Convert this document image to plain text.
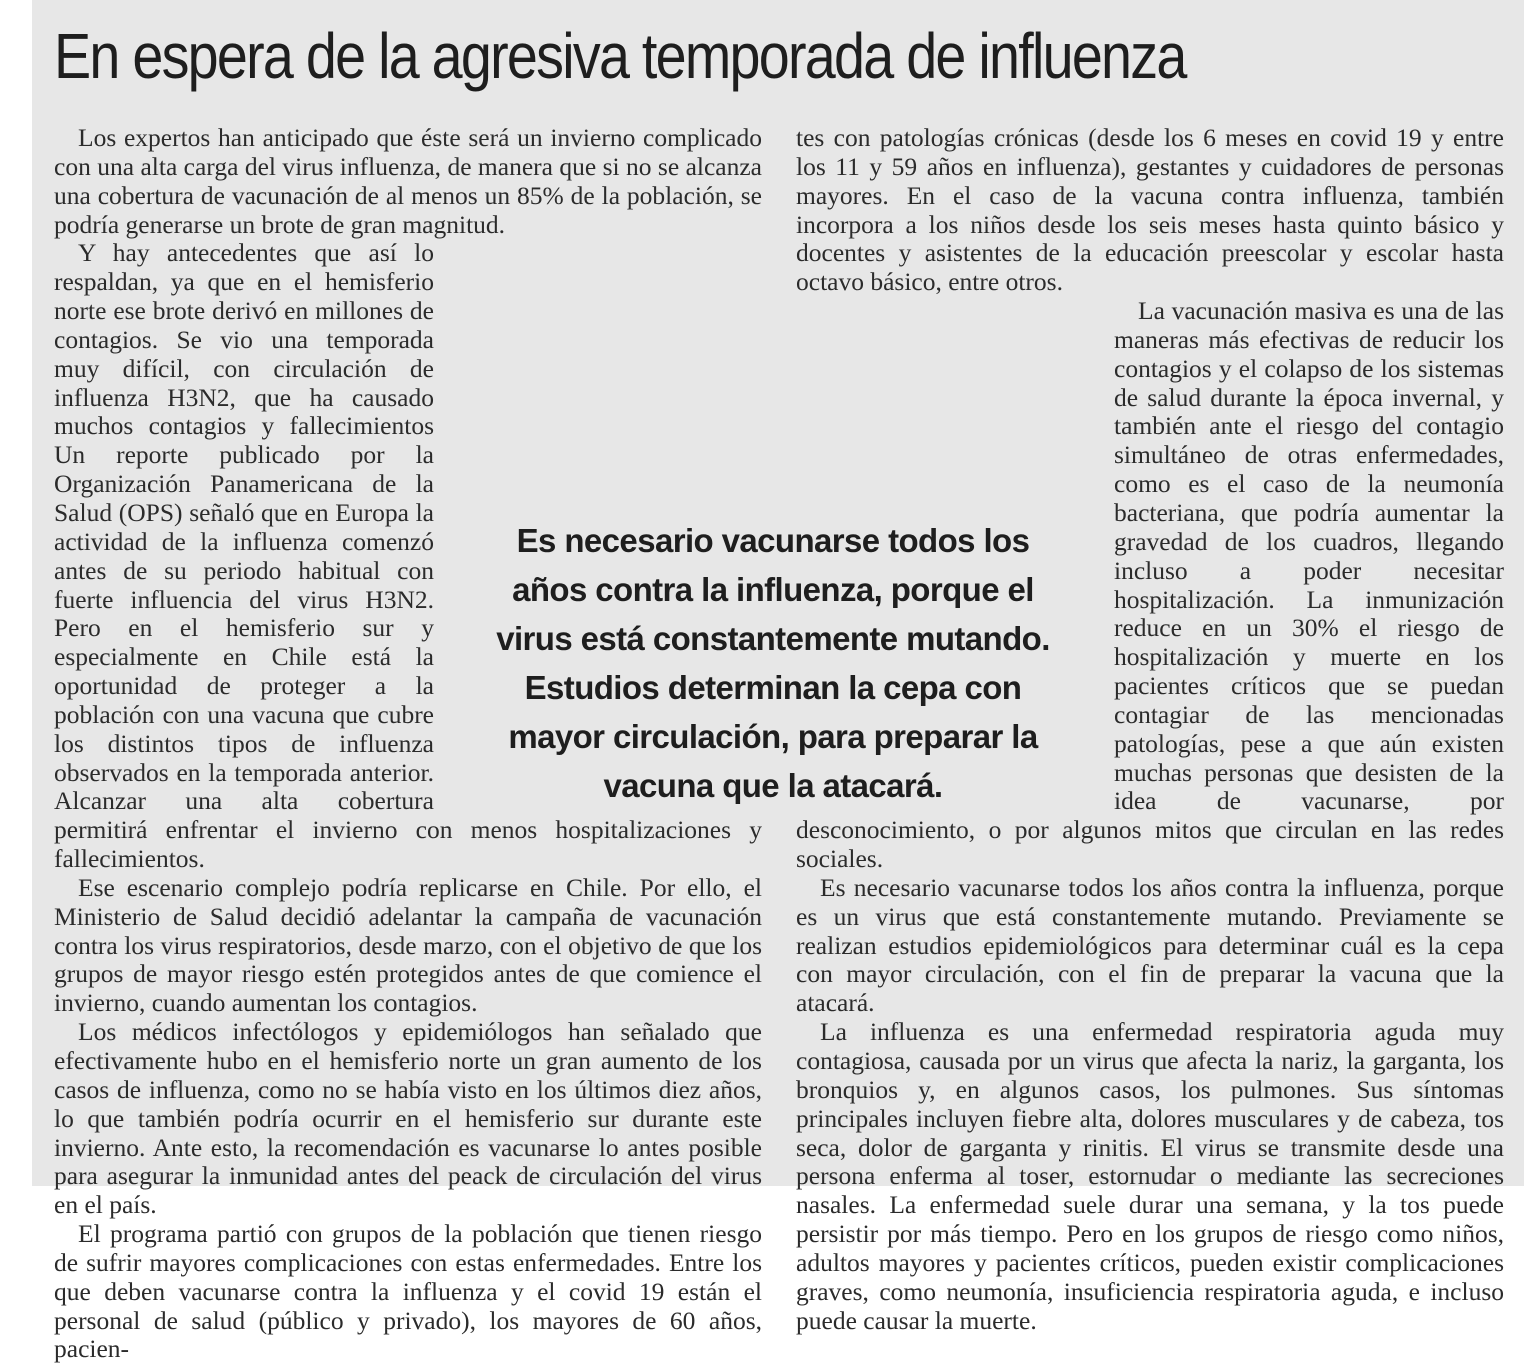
En espera de la agresiva temporada de influenza

Los expertos han anticipado que éste será un invierno complicado con una alta carga del virus influenza, de manera que si no se alcanza una cobertura de vacunación de al menos un 85% de la población, se podría generarse un brote de gran magnitud.

Y hay antecedentes que así lo respaldan, ya que en el hemisferio norte ese brote derivó en millones de contagios. Se vio una temporada muy difícil, con circulación de influenza H3N2, que ha causado muchos contagios y fallecimientos Un reporte publicado por la Organización Panamericana de la Salud (OPS) señaló que en Europa la actividad de la influenza comenzó antes de su periodo habitual con fuerte influencia del virus H3N2. Pero en el hemisferio sur y especialmente en Chile está la oportunidad de proteger a la población con una vacuna que cubre los distintos tipos de influenza observados en la temporada anterior. Alcanzar una alta cobertura permitirá enfrentar el invierno con menos hospitalizaciones y fallecimientos.

Ese escenario complejo podría replicarse en Chile. Por ello, el Ministerio de Salud decidió adelantar la campaña de vacunación contra los virus respiratorios, desde marzo, con el objetivo de que los grupos de mayor riesgo estén protegidos antes de que comience el invierno, cuando aumentan los contagios.

Los médicos infectólogos y epidemiólogos han señalado que efectivamente hubo en el hemisferio norte un gran aumento de los casos de influenza, como no se había visto en los últimos diez años, lo que también podría ocurrir en el hemisferio sur durante este invierno. Ante esto, la recomendación es vacunarse lo antes posible para asegurar la inmunidad antes del peack de circulación del virus en el país.

El programa partió con grupos de la población que tienen riesgo de sufrir mayores complicaciones con estas enfermedades. Entre los que deben vacunarse contra la influenza y el covid 19 están el personal de salud (público y privado), los mayores de 60 años, pacien-

tes con patologías crónicas (desde los 6 meses en covid 19 y entre los 11 y 59 años en influenza), gestantes y cuidadores de personas mayores. En el caso de la vacuna contra influenza, también incorpora a los niños desde los seis meses hasta quinto básico y docentes y asistentes de la educación preescolar y escolar hasta octavo básico, entre otros.

La vacunación masiva es una de las maneras más efectivas de reducir los contagios y el colapso de los sistemas de salud durante la época invernal, y también ante el riesgo del contagio simultáneo de otras enfermedades, como es el caso de la neumonía bacteriana, que podría aumentar la gravedad de los cuadros, llegando incluso a poder necesitar hospitalización. La inmunización reduce en un 30% el riesgo de hospitalización y muerte en los pacientes críticos que se puedan contagiar de las mencionadas patologías, pese a que aún existen muchas personas que desisten de la idea de vacunarse, por desconocimiento, o por algunos mitos que circulan en las redes sociales.

Es necesario vacunarse todos los años contra la influenza, porque es un virus que está constantemente mutando. Previamente se realizan estudios epidemiológicos para determinar cuál es la cepa con mayor circulación, con el fin de preparar la vacuna que la atacará.

La influenza es una enfermedad respiratoria aguda muy contagiosa, causada por un virus que afecta la nariz, la garganta, los bronquios y, en algunos casos, los pulmones. Sus síntomas principales incluyen fiebre alta, dolores musculares y de cabeza, tos seca, dolor de garganta y rinitis. El virus se transmite desde una persona enferma al toser, estornudar o mediante las secreciones nasales. La enfermedad suele durar una semana, y la tos puede persistir por más tiempo. Pero en los grupos de riesgo como niños, adultos mayores y pacientes críticos, pueden existir complicaciones graves, como neumonía, insuficiencia respiratoria aguda, e incluso puede causar la muerte.

Es necesario vacunarse todos los años contra la influenza, porque el virus está constantemente mutando. Estudios determinan la cepa con mayor circulación, para preparar la vacuna que la atacará.
